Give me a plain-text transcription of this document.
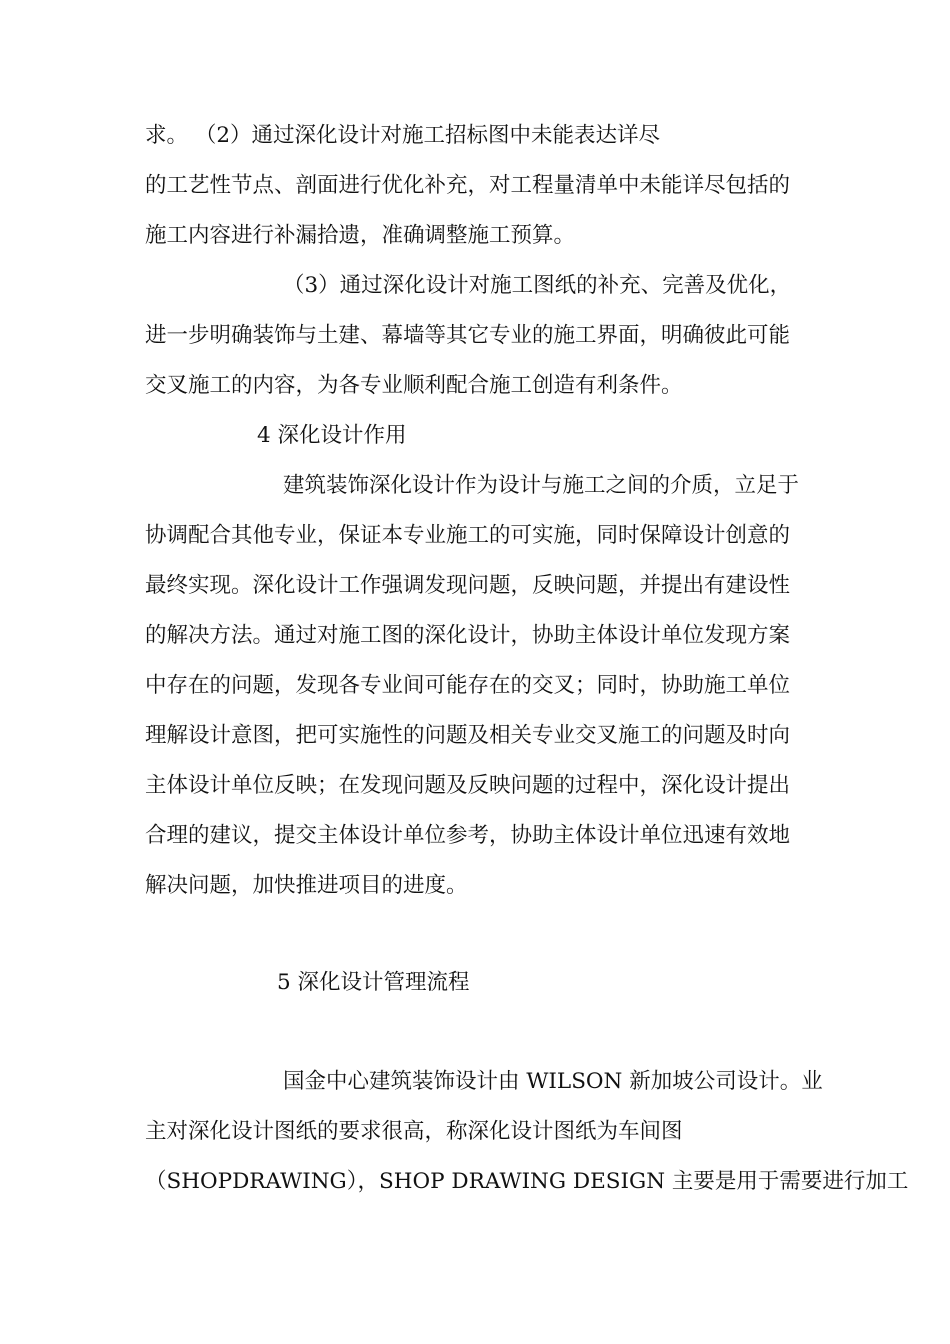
求。 （2）通过深化设计对施工招标图中未能表达详尽
的工艺性节点、剖面进行优化补充，对工程量清单中未能详尽包括的
施工内容进行补漏拾遗，准确调整施工预算。
（3）通过深化设计对施工图纸的补充、完善及优化，
进一步明确装饰与土建、幕墙等其它专业的施工界面，明确彼此可能
交叉施工的内容，为各专业顺利配合施工创造有利条件。
4 深化设计作用
建筑装饰深化设计作为设计与施工之间的介质，立足于
协调配合其他专业，保证本专业施工的可实施，同时保障设计创意的
最终实现。深化设计工作强调发现问题，反映问题，并提出有建设性
的解决方法。通过对施工图的深化设计，协助主体设计单位发现方案
中存在的问题，发现各专业间可能存在的交叉；同时，协助施工单位
理解设计意图，把可实施性的问题及相关专业交叉施工的问题及时向
主体设计单位反映；在发现问题及反映问题的过程中，深化设计提出
合理的建议，提交主体设计单位参考，协助主体设计单位迅速有效地
解决问题，加快推进项目的进度。
5 深化设计管理流程
国金中心建筑装饰设计由 WILSON 新加坡公司设计。业
主对深化设计图纸的要求很高，称深化设计图纸为车间图
（SHOPDRAWING），SHOP DRAWING DESIGN 主要是用于需要进行加工
